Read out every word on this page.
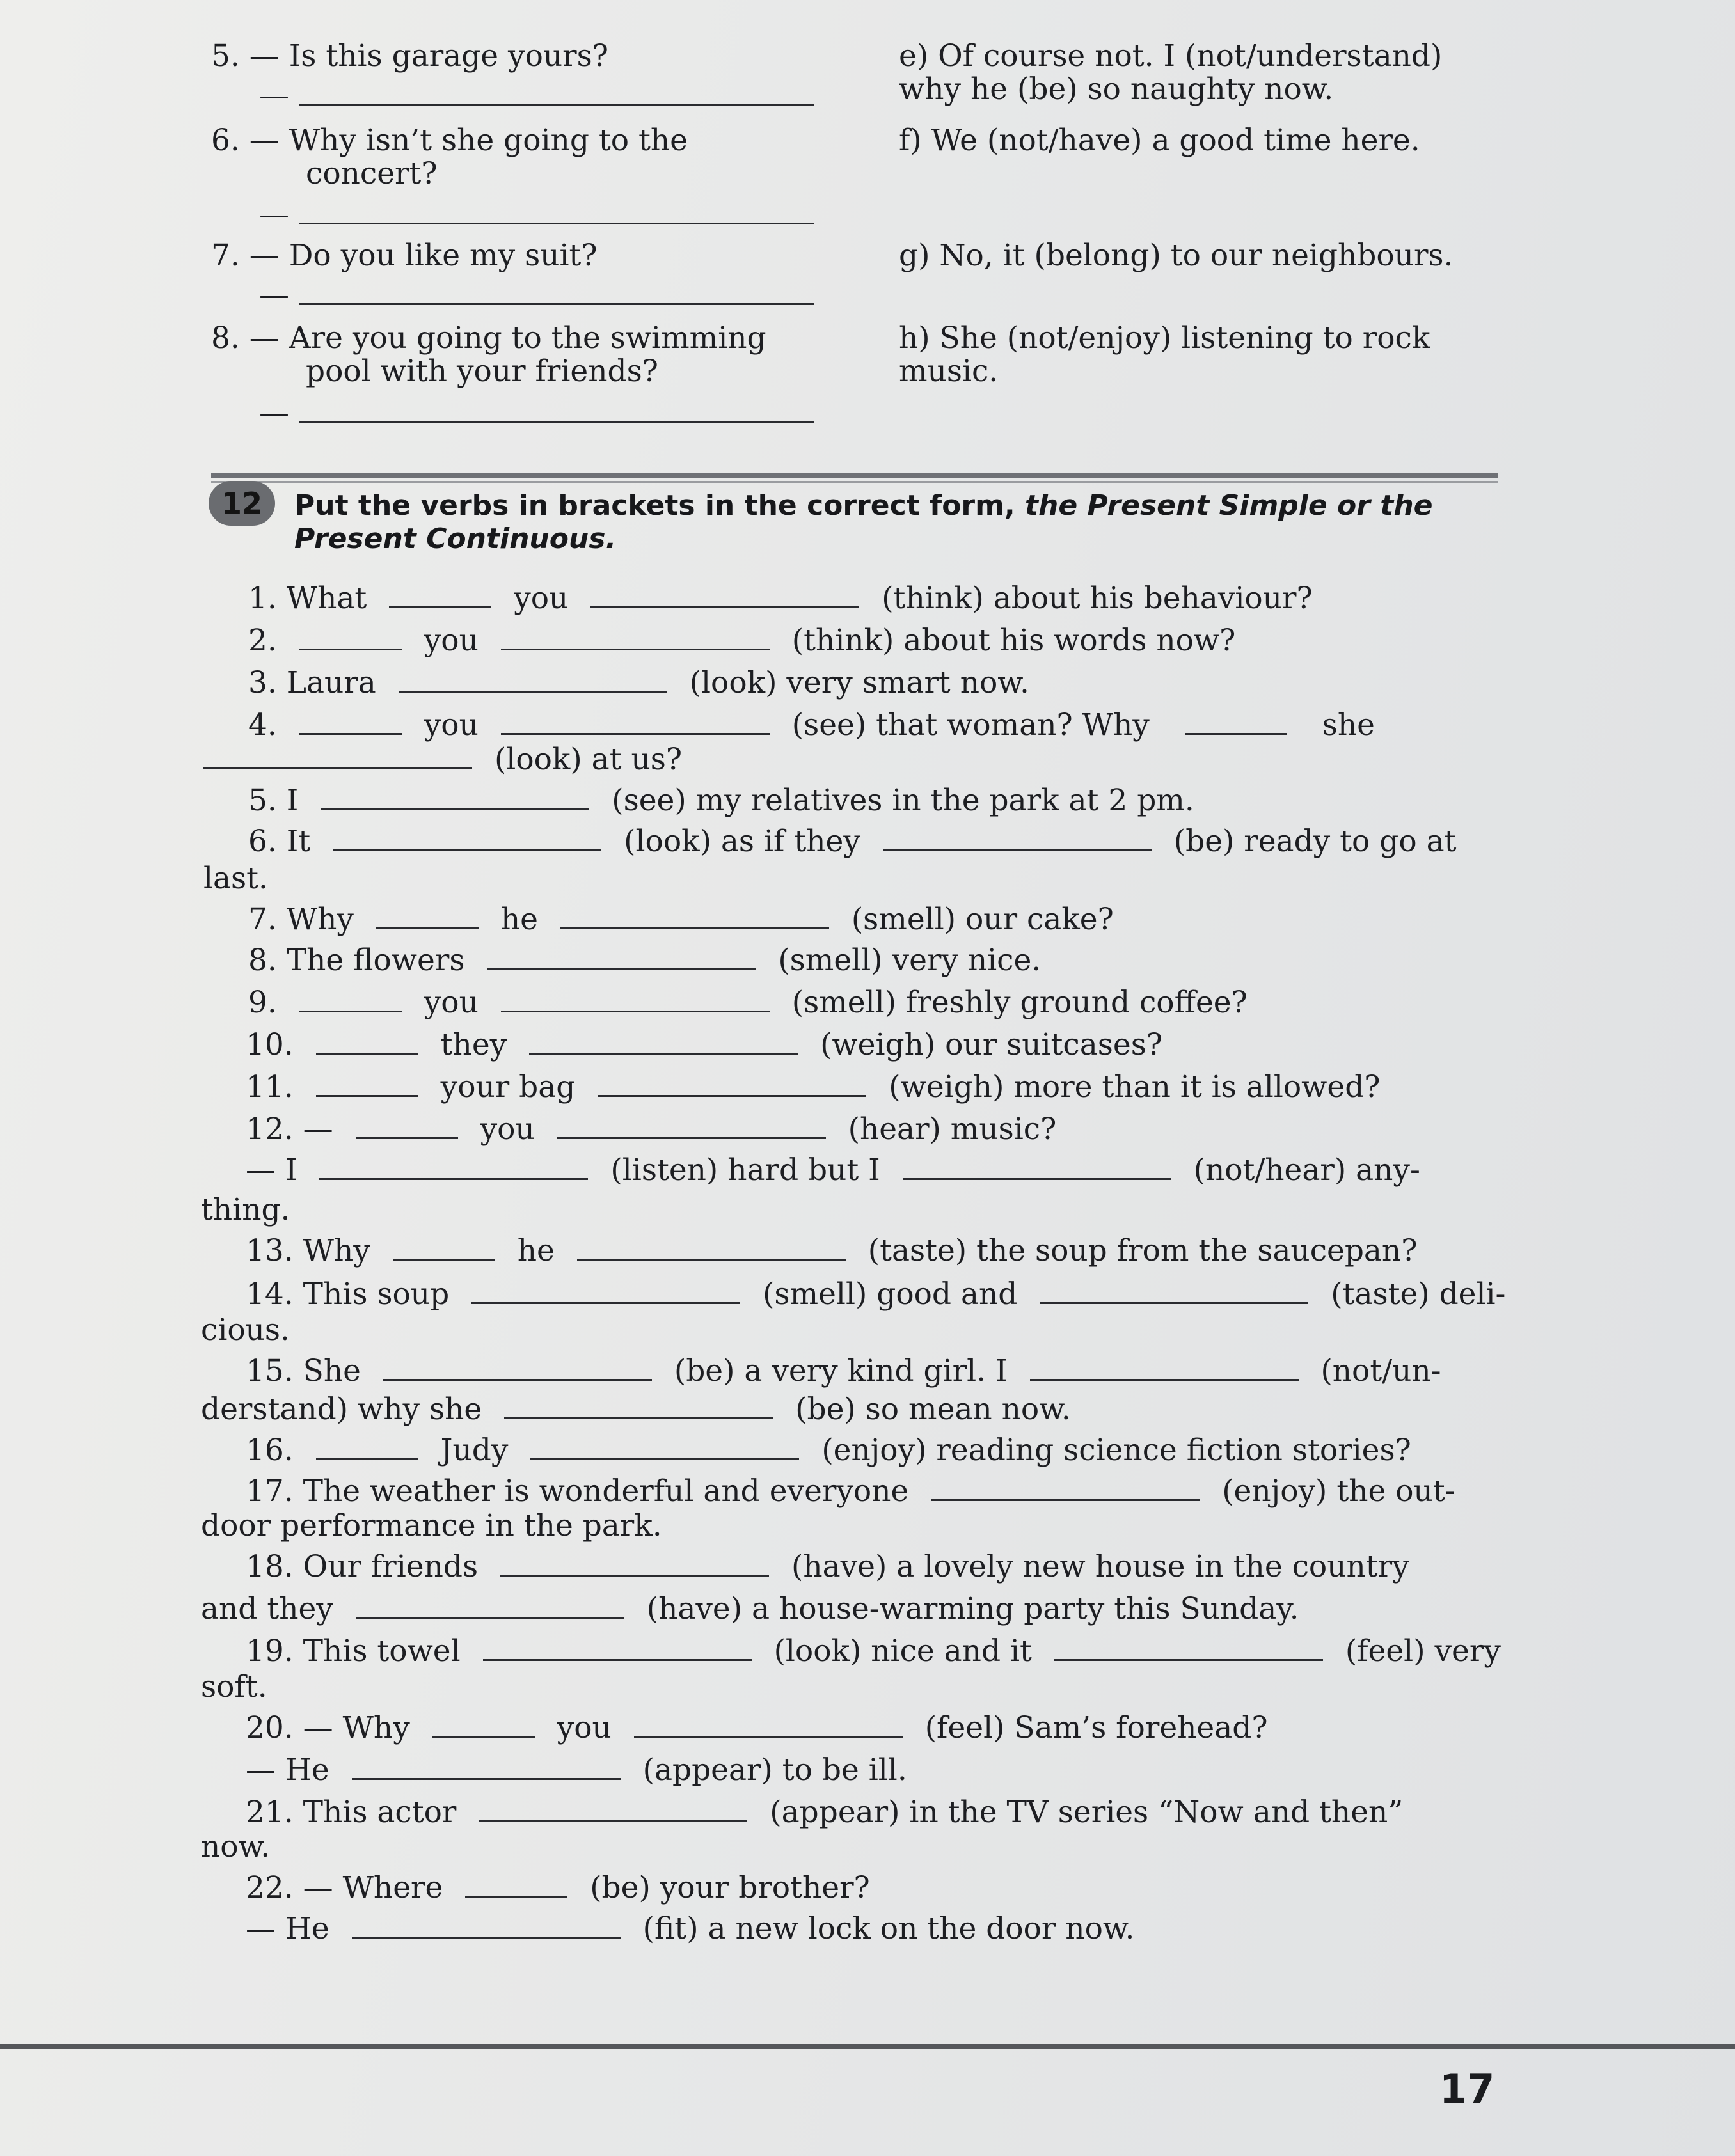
5. — Is this garage yours?
—
6. — Why isn’t she going to the
concert?
—
7. — Do you like my suit?
—
8. — Are you going to the swimming
pool with your friends?
—
e) Of course not. I (not/understand)
why he (be) so naughty now.
f) We (not/have) a good time here.
g) No, it (belong) to our neighbours.
h) She (not/enjoy) listening to rock
music.
12 Put the verbs in brackets in the correct form, the Present Simple or the Present Continuous.
1. What	you	(think) about his behaviour?
2.	you	(think) about his words now?
3. Laura	(look) very smart now.
4.	you	(see) that woman? Why	she
(look) at us?
5. I	(see) my relatives in the park at 2 pm.
6. It	(look) as if they	(be) ready to go at
last.
7. Why	he	(smell) our cake?
8. The flowers	(smell) very nice.
9.	you	(smell) freshly ground coffee?
10.	they	(weigh) our suitcases?
11.	your bag	(weigh) more than it is allowed?
12. —	you	(hear) music?
— I	(listen) hard but I	(not/hear) any-
thing.
13. Why	he	(taste) the soup from the saucepan?
14. This soup	(smell) good and	(taste) deli-
cious.
15. She	(be) a very kind girl. I	(not/un-
derstand) why she	(be) so mean now.
16.	Judy	(enjoy) reading science fiction stories?
17. The weather is wonderful and everyone	(enjoy) the out-
door performance in the park.
18. Our friends	(have) a lovely new house in the country
and they	(have) a house-warming party this Sunday.
19. This towel	(look) nice and it	(feel) very
soft.
20. — Why	you	(feel) Sam’s forehead?
— He	(appear) to be ill.
21. This actor	(appear) in the TV series “Now and then”
now.
22. — Where	(be) your brother?
— He	(fit) a new lock on the door now.
17
